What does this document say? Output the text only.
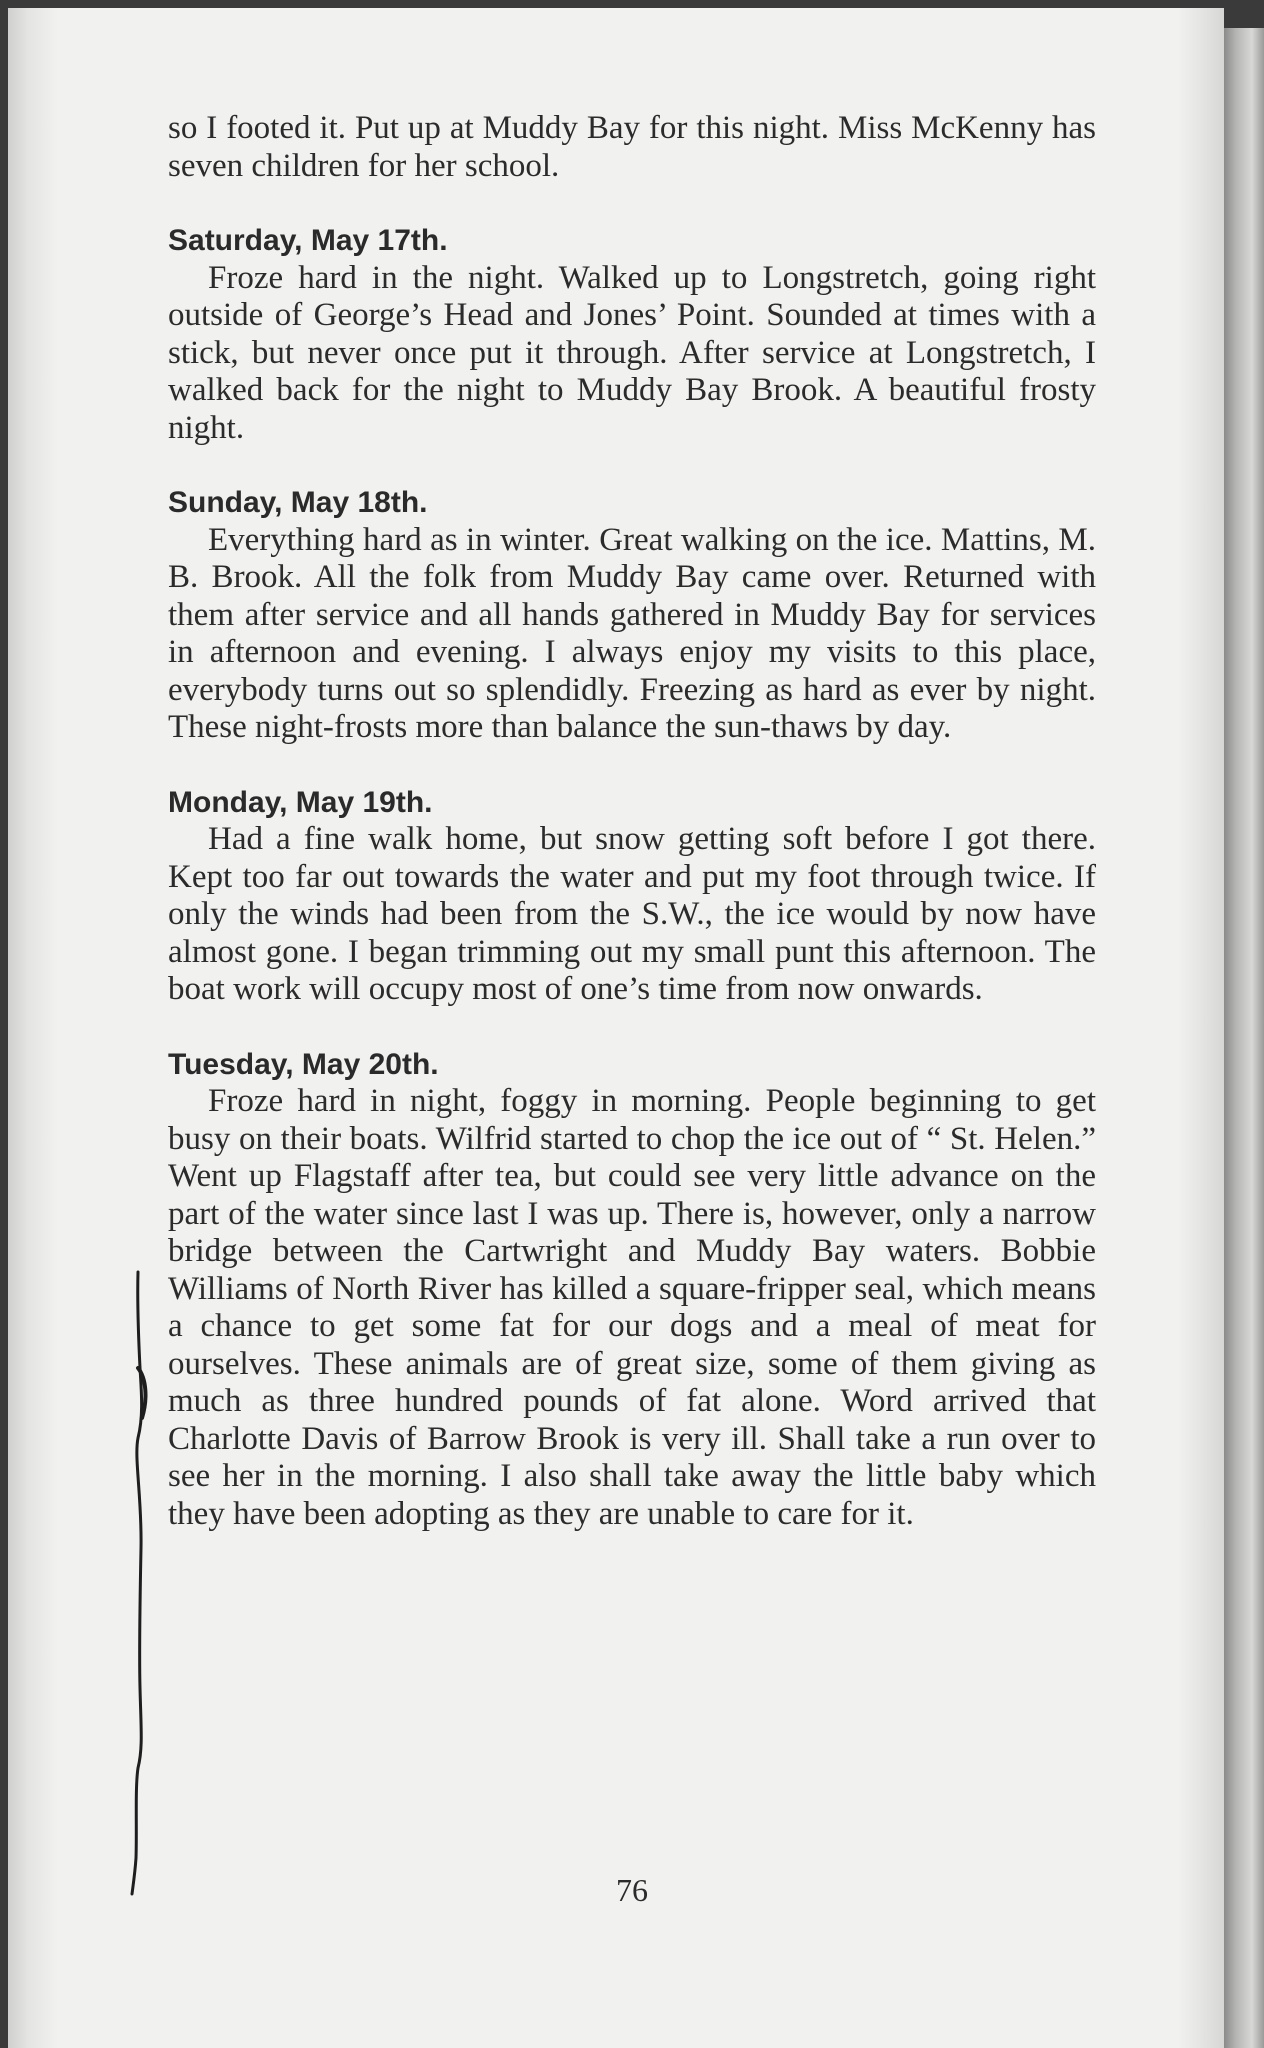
so I footed it. Put up at Muddy Bay for this night. Miss McKenny has seven children for her school.

Saturday, May 17th.

Froze hard in the night. Walked up to Longstretch, going right outside of George’s Head and Jones’ Point. Sounded at times with a stick, but never once put it through. After service at Longstretch, I walked back for the night to Muddy Bay Brook. A beautiful frosty night.

Sunday, May 18th.

Everything hard as in winter. Great walking on the ice. Mattins, M. B. Brook. All the folk from Muddy Bay came over. Returned with them after service and all hands gathered in Muddy Bay for services in afternoon and evening. I always enjoy my visits to this place, everybody turns out so splendidly. Freezing as hard as ever by night. These night-frosts more than balance the sun-thaws by day.

Monday, May 19th.

Had a fine walk home, but snow getting soft before I got there. Kept too far out towards the water and put my foot through twice. If only the winds had been from the S.W., the ice would by now have almost gone. I began trimming out my small punt this afternoon. The boat work will occupy most of one’s time from now onwards.

Tuesday, May 20th.

Froze hard in night, foggy in morning. People beginning to get busy on their boats. Wilfrid started to chop the ice out of “ St. Helen.” Went up Flagstaff after tea, but could see very little advance on the part of the water since last I was up. There is, however, only a narrow bridge between the Cartwright and Muddy Bay waters. Bobbie Williams of North River has killed a square-fripper seal, which means a chance to get some fat for our dogs and a meal of meat for ourselves. These animals are of great size, some of them giving as much as three hundred pounds of fat alone. Word arrived that Charlotte Davis of Barrow Brook is very ill. Shall take a run over to see her in the morning. I also shall take away the little baby which they have been adopting as they are unable to care for it.

76
